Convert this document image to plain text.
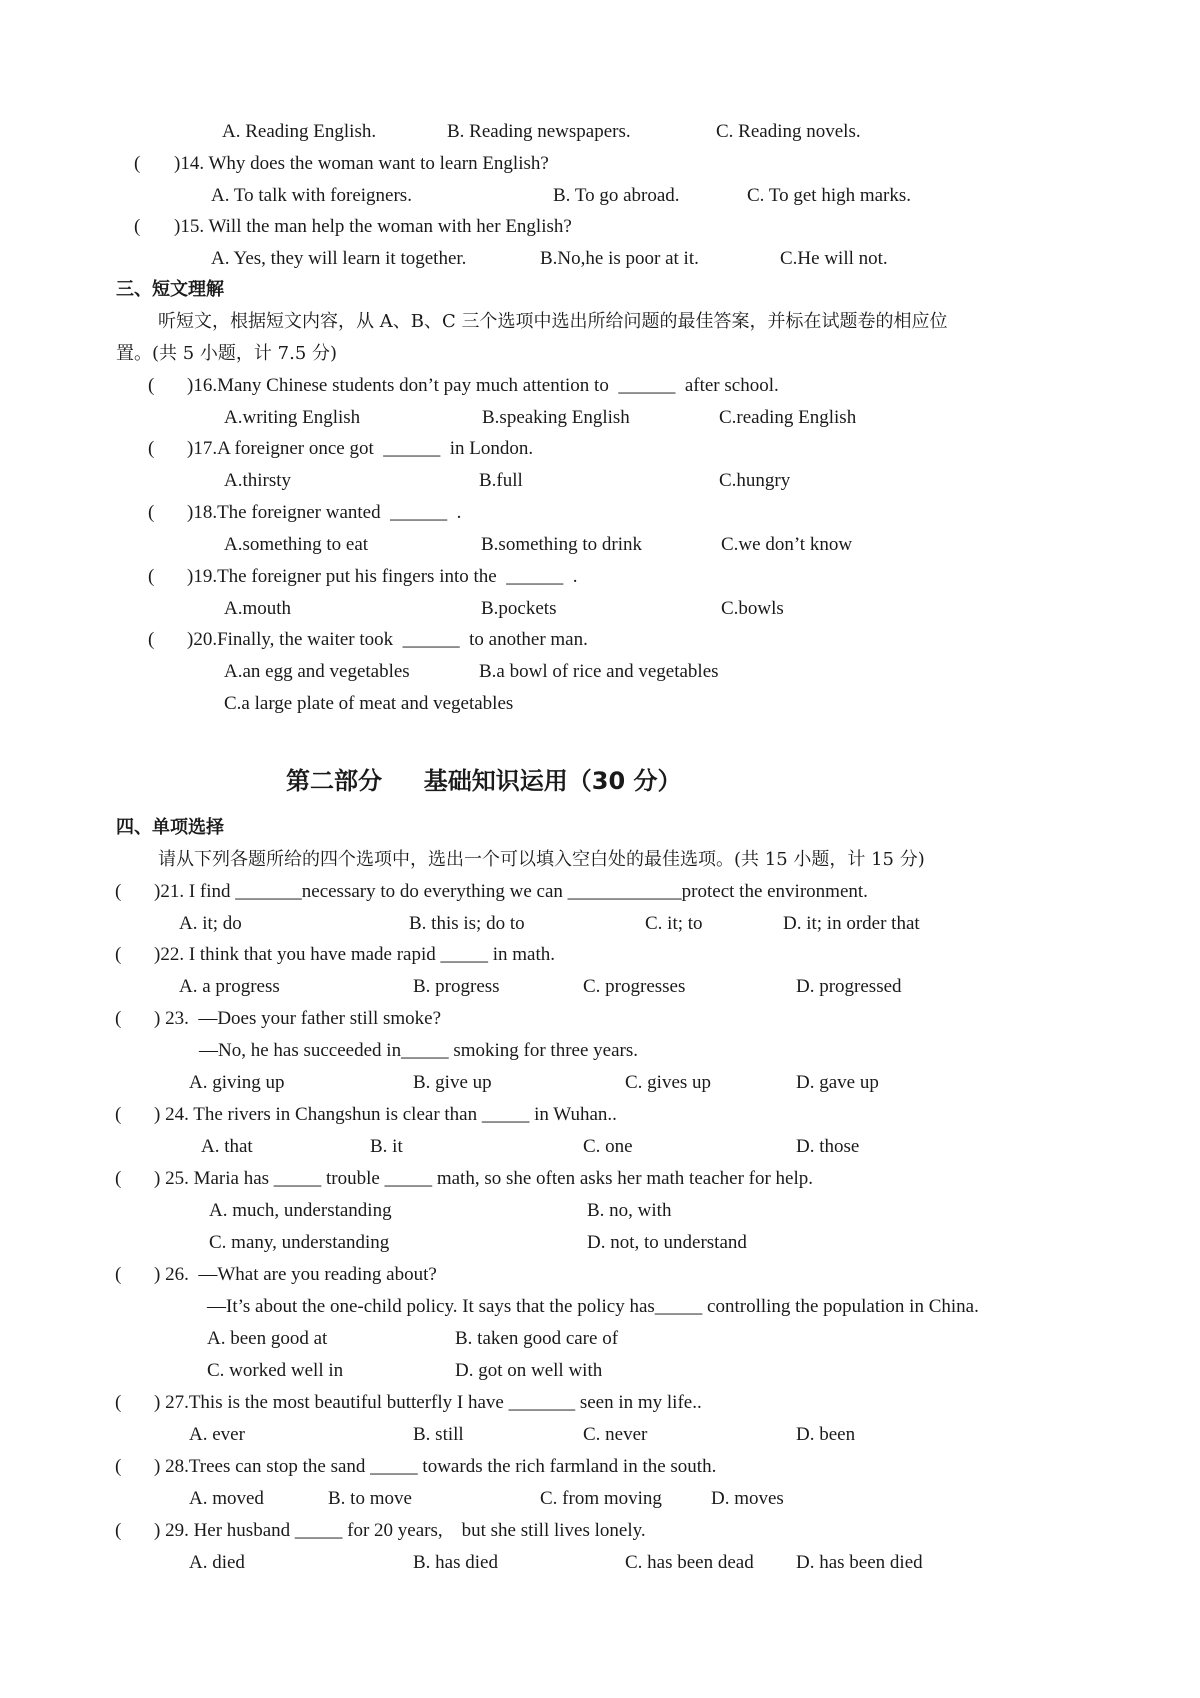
A. Reading English.	B. Reading newspapers.	C. Reading novels.
( )14. Why does the woman want to learn English?
A. To talk with foreigners.	B. To go abroad.	C. To get high marks.
( )15. Will the man help the woman with her English?
A. Yes, they will learn it together.	B.No,he is poor at it.	C.He will not.
三、短文理解
听短文，根据短文内容，从 A、B、C 三个选项中选出所给问题的最佳答案，并标在试题卷的相应位
置。(共 5 小题，计 7.5 分)
( )16.Many Chinese students don’t pay much attention to  ______  after school.
A.writing English	B.speaking English	C.reading English
( )17.A foreigner once got  ______  in London.
A.thirsty	B.full	C.hungry
( )18.The foreigner wanted  ______  .
A.something to eat	B.something to drink	C.we don’t know
( )19.The foreigner put his fingers into the  ______  .
A.mouth	B.pockets	C.bowls
( )20.Finally, the waiter took  ______  to another man.
A.an egg and vegetables	B.a bowl of rice and vegetables
C.a large plate of meat and vegetables
第二部分     基础知识运用（30 分）
四、单项选择
请从下列各题所给的四个选项中，选出一个可以填入空白处的最佳选项。(共 15 小题，计 15 分)
( )21. I find _______necessary to do everything we can ____________protect the environment.
A. it; do	B. this is; do to	C. it; to	D. it; in order that
( )22. I think that you have made rapid _____ in math.
A. a progress	B. progress	C. progresses	D. progressed
( ) 23.  —Does your father still smoke?
—No, he has succeeded in_____ smoking for three years.
A. giving up	B. give up	C. gives up	D. gave up
( ) 24. The rivers in Changshun is clear than _____ in Wuhan..
A. that	B. it	C. one	D. those
( ) 25. Maria has _____ trouble _____ math, so she often asks her math teacher for help.
A. much, understanding	B. no, with
C. many, understanding	D. not, to understand
( ) 26.  —What are you reading about?
—It’s about the one-child policy. It says that the policy has_____ controlling the population in China.
A. been good at	B. taken good care of
C. worked well in	D. got on well with
( ) 27.This is the most beautiful butterfly I have _______ seen in my life..
A. ever	B. still	C. never	D. been
( ) 28.Trees can stop the sand _____ towards the rich farmland in the south.
A. moved	B. to move	C. from moving	D. moves
( ) 29. Her husband _____ for 20 years,    but she still lives lonely.
A. died	B. has died	C. has been dead D. has been died
